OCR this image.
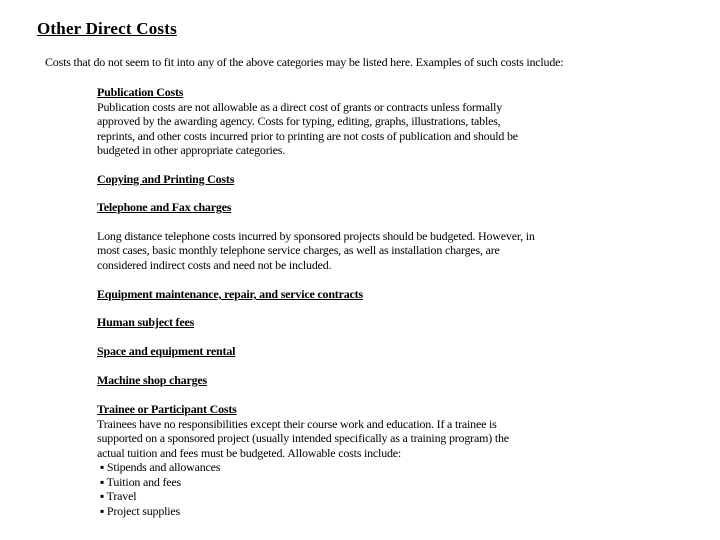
Other Direct Costs
Costs that do not seem to fit into any of the above categories may be listed here. Examples of such costs include:
Publication Costs
Publication costs are not allowable as a direct cost of grants or contracts unless formally approved by the awarding agency. Costs for typing, editing, graphs, illustrations, tables, reprints, and other costs incurred prior to printing are not costs of publication and should be budgeted in other appropriate categories.
Copying and Printing Costs
Telephone and Fax charges
Long distance telephone costs incurred by sponsored projects should be budgeted. However, in most cases, basic monthly telephone service charges, as well as installation charges, are considered indirect costs and need not be included.
Equipment maintenance, repair, and service contracts
Human subject fees
Space and equipment rental
Machine shop charges
Trainee or Participant Costs
Trainees have no responsibilities except their course work and education. If a trainee is supported on a sponsored project (usually intended specifically as a training program) the actual tuition and fees must be budgeted. Allowable costs include:
▪ Stipends and allowances
▪ Tuition and fees
▪ Travel
▪ Project supplies
